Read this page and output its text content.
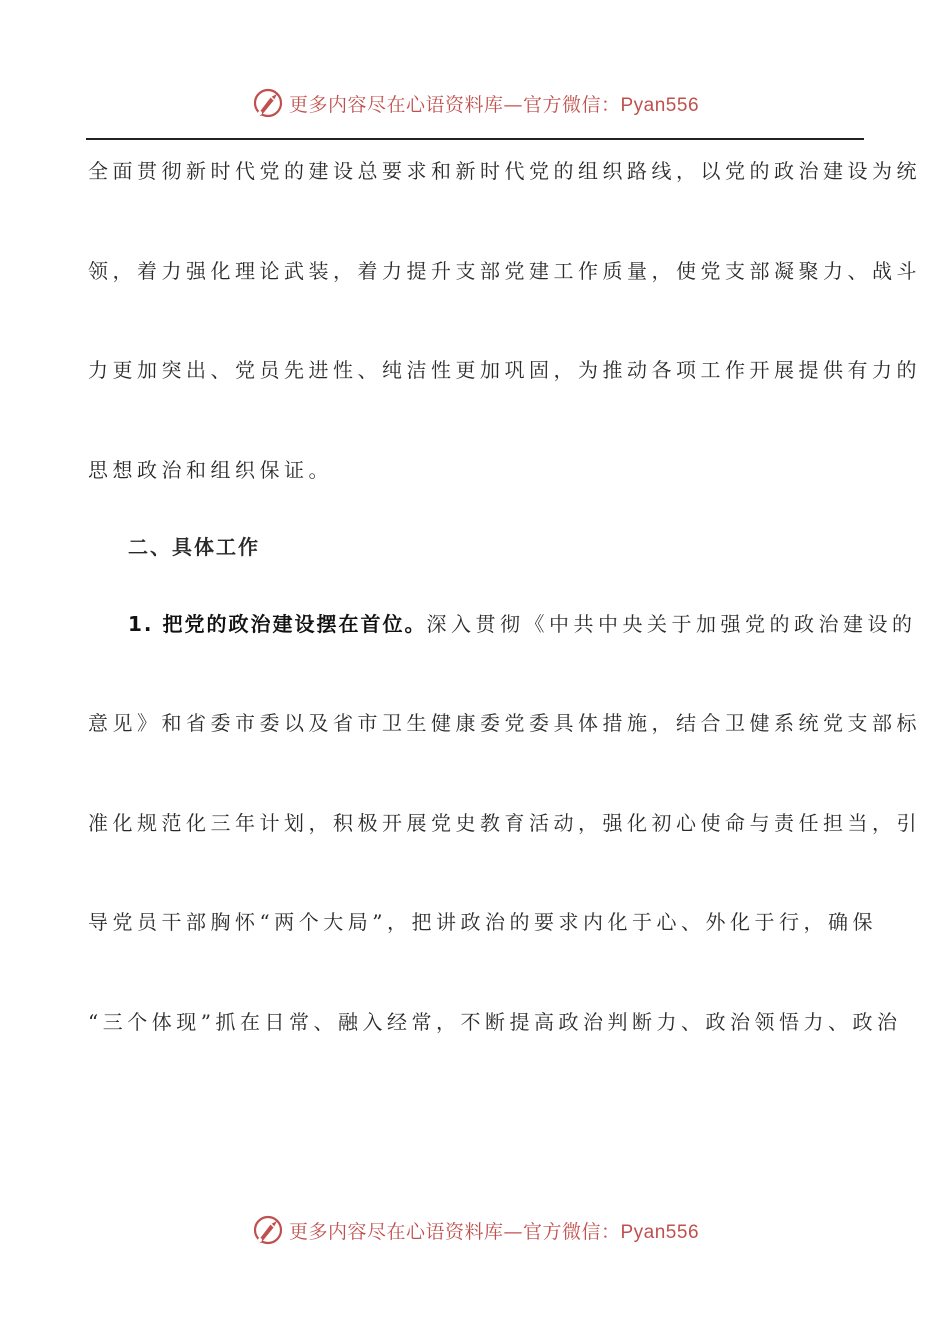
更多内容尽在心语资料库—官方微信：Pyan556
全面贯彻新时代党的建设总要求和新时代党的组织路线，以党的政治建设为统
领，着力强化理论武装，着力提升支部党建工作质量，使党支部凝聚力、战斗
力更加突出、党员先进性、纯洁性更加巩固，为推动各项工作开展提供有力的
思想政治和组织保证。
二、具体工作
1. 把党的政治建设摆在首位。深入贯彻《中共中央关于加强党的政治建设的
意见》和省委市委以及省市卫生健康委党委具体措施，结合卫健系统党支部标
准化规范化三年计划，积极开展党史教育活动，强化初心使命与责任担当，引
导党员干部胸怀“两个大局”，把讲政治的要求内化于心、外化于行，确保
“三个体现”抓在日常、融入经常，不断提高政治判断力、政治领悟力、政治
更多内容尽在心语资料库—官方微信：Pyan556
